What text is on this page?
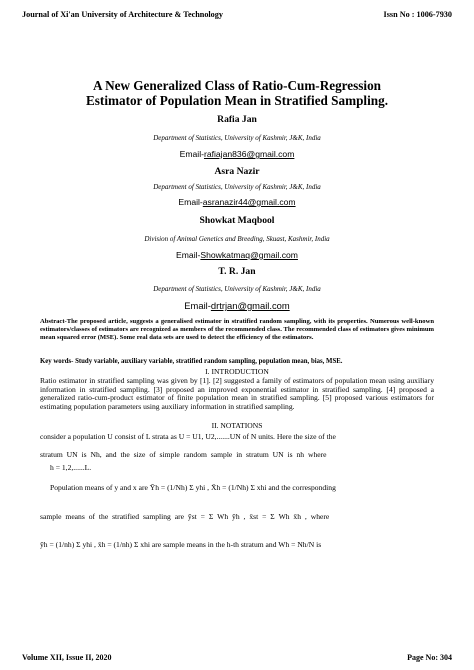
Journal of Xi'an University of Architecture & Technology	Issn No : 1006-7930
A New Generalized Class of Ratio-Cum-Regression
Estimator of Population Mean in Stratified Sampling.
Rafia Jan
Department of Statistics, University of Kashmir, J&K, India
Email-rafiajan836@gmail.com
Asra Nazir
Department of Statistics, University of Kashmir, J&K, India
Email-asranazir44@gmail.com
Showkat Maqbool
Division of Animal Genetics and Breeding, Skuast, Kashmir, India
Email-Showkatmaq@gmail.com
T. R. Jan
Department of Statistics, University of Kashmir, J&K, India
Email-drtrjan@gmail.com
Abstract-The proposed article, suggests a generalised estimator in stratified random sampling, with its properties. Numerous well-known estimators/classes of estimators are recognized as members of the recommended class. The recommended class of estimators gives minimum mean squared error (MSE). Some real data sets are used to detect the efficiency of the estimators.
Key words- Study variable, auxiliary variable, stratified random sampling, population mean, bias, MSE.
I. INTRODUCTION
Ratio estimator in stratified sampling was given by [1]. [2] suggested a family of estimators of population mean using auxiliary information in stratified sampling. [3] proposed an improved exponential estimator in stratified sampling. [4] proposed a generalized ratio-cum-product estimator of finite population mean in stratified sampling. [5] proposed various estimators for estimating population parameters using auxiliary information in stratified sampling.
II. NOTATIONS
consider a population U consist of L strata as U = U1, U2,.......UN of N units. Here the size of the
stratum UN is Nh, and the size of simple random sample in stratum UN is nh where
h = 1,2,......L.
Population means of y and x are Ȳh = (1/Nh) Σ yhi , X̄h = (1/Nh) Σ xhi and the corresponding
sample means of the stratified sampling are ȳst = Σ Wh ȳh , x̄st = Σ Wh x̄h , where
ȳh = (1/nh) Σ yhi , x̄h = (1/nh) Σ xhi are sample means in the h-th stratum and Wh = Nh/N is
Volume XII, Issue II, 2020	Page No: 304
